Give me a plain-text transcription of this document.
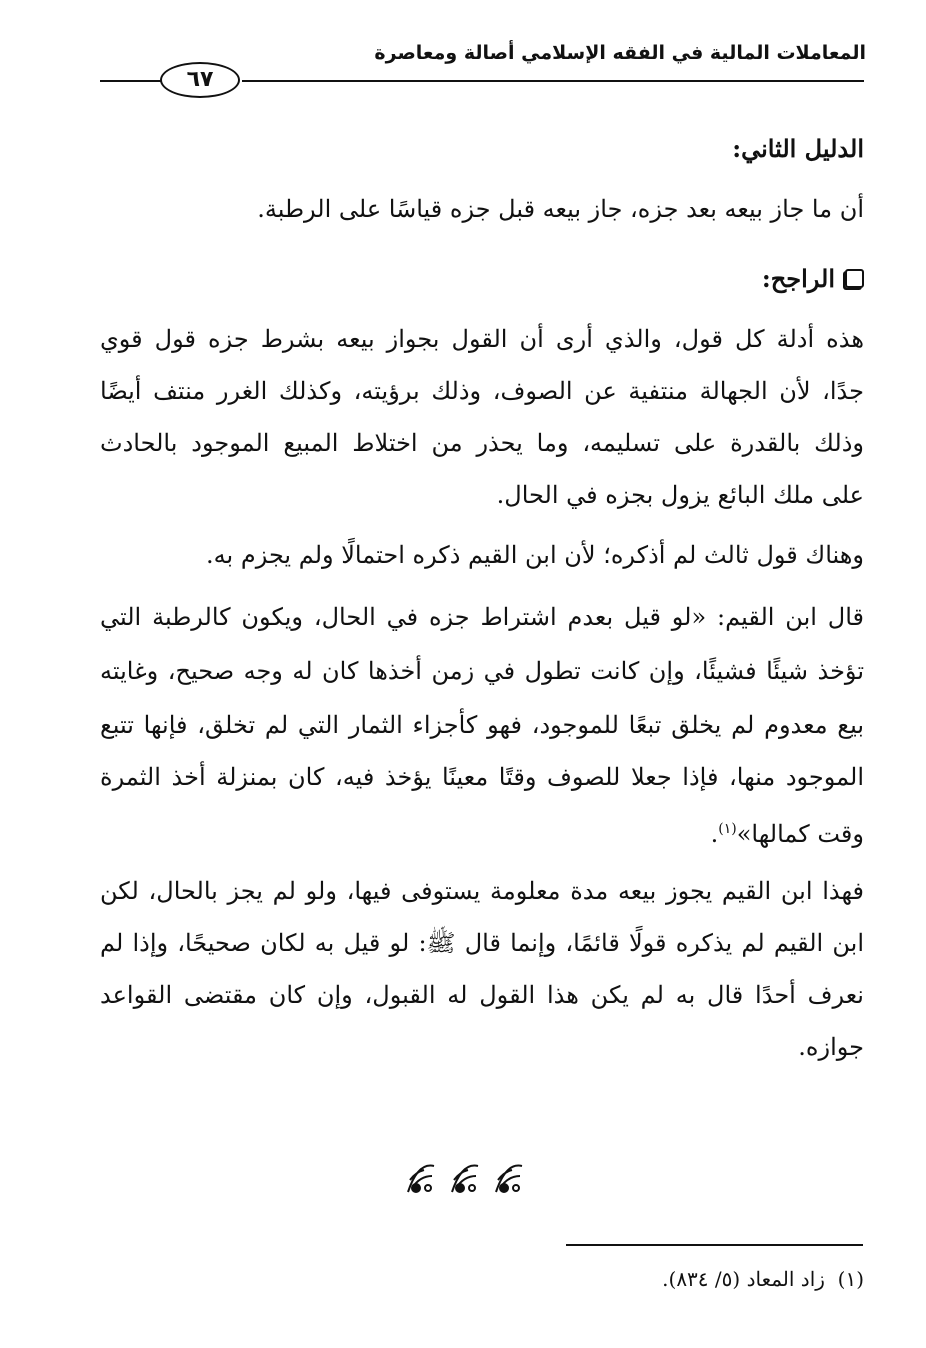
المعاملات المالية في الفقه الإسلامي أصالة ومعاصرة
٦٧
الدليل الثاني:
أن ما جاز بيعه بعد جزه، جاز بيعه قبل جزه قياسًا على الرطبة.
الراجح:
هذه أدلة كل قول، والذي أرى أن القول بجواز بيعه بشرط جزه قول قوي
جدًا، لأن الجهالة منتفية عن الصوف، وذلك برؤيته، وكذلك الغرر منتف أيضًا
وذلك بالقدرة على تسليمه، وما يحذر من اختلاط المبيع الموجود بالحادث
على ملك البائع يزول بجزه في الحال.
وهناك قول ثالث لم أذكره؛ لأن ابن القيم ذكره احتمالًا ولم يجزم به.
قال ابن القيم: «لو قيل بعدم اشتراط جزه في الحال، ويكون كالرطبة التي
تؤخذ شيئًا فشيئًا، وإن كانت تطول في زمن أخذها كان له وجه صحيح، وغايته
بيع معدوم لم يخلق تبعًا للموجود، فهو كأجزاء الثمار التي لم تخلق، فإنها تتبع
الموجود منها، فإذا جعلا للصوف وقتًا معينًا يؤخذ فيه، كان بمنزلة أخذ الثمرة
وقت كمالها»$^{(١)}$.
فهذا ابن القيم يجوز بيعه مدة معلومة يستوفى فيها، ولو لم يجز بالحال، لكن
ابن القيم لم يذكره قولًا قائمًا، وإنما قال ﷺ: لو قيل به لكان صحيحًا، وإذا لم
نعرف أحدًا قال به لم يكن هذا القول له القبول، وإن كان مقتضى القواعد
جوازه.
(١)  زاد المعاد (٥/ ٨٣٤).
